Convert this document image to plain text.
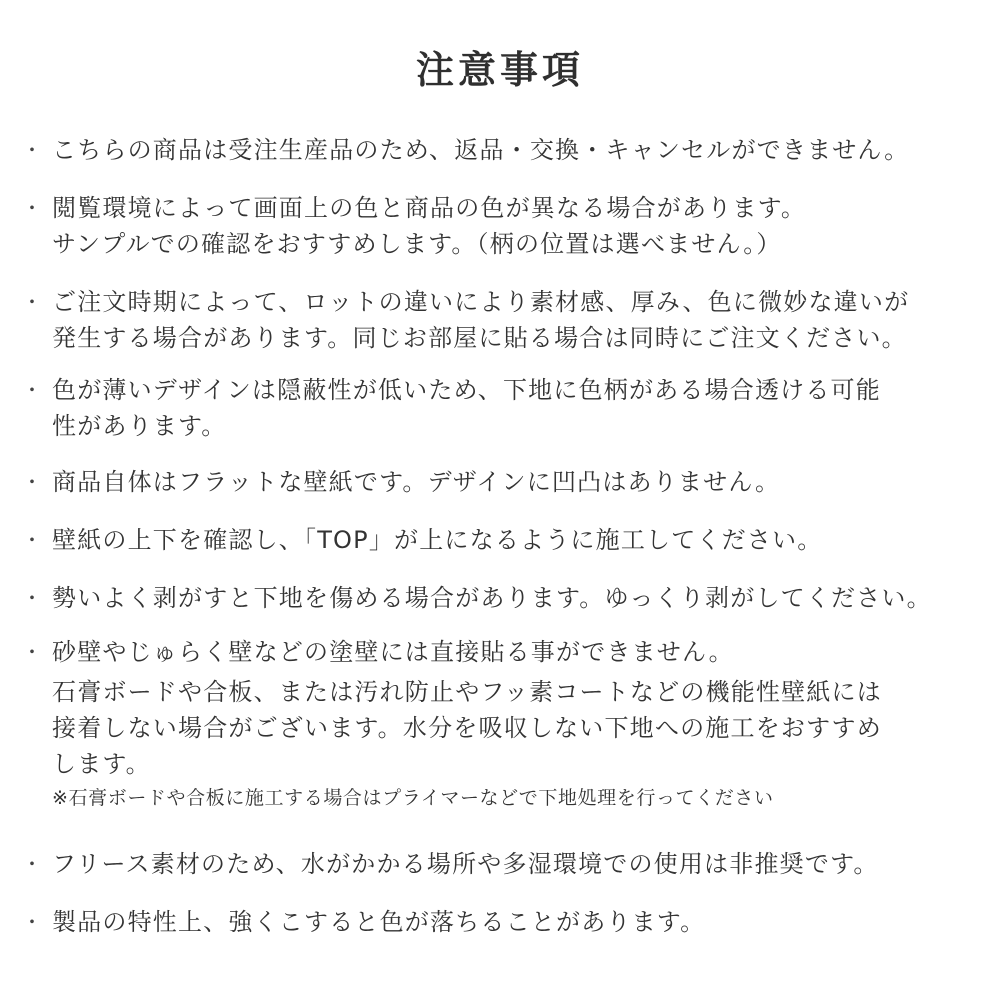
注意事項
・ こちらの商品は受注生産品のため、返品・交換・キャンセルができません。
・ 閲覧環境によって画面上の色と商品の色が異なる場合があります。
サンプルでの確認をおすすめします。（柄の位置は選べません。）
・ ご注文時期によって、ロットの違いにより素材感、厚み、色に微妙な違いが
発生する場合があります。同じお部屋に貼る場合は同時にご注文ください。
・ 色が薄いデザインは隠蔽性が低いため、下地に色柄がある場合透ける可能
性があります。
・ 商品自体はフラットな壁紙です。デザインに凹凸はありません。
・ 壁紙の上下を確認し、「TOP」が上になるように施工してください。
・ 勢いよく剥がすと下地を傷める場合があります。ゆっくり剥がしてください。
・ 砂壁やじゅらく壁などの塗壁には直接貼る事ができません。
石膏ボードや合板、または汚れ防止やフッ素コートなどの機能性壁紙には
接着しない場合がございます。水分を吸収しない下地への施工をおすすめ
します。
※石膏ボードや合板に施工する場合はプライマーなどで下地処理を行ってください
・ フリース素材のため、水がかかる場所や多湿環境での使用は非推奨です。
・ 製品の特性上、強くこすると色が落ちることがあります。
